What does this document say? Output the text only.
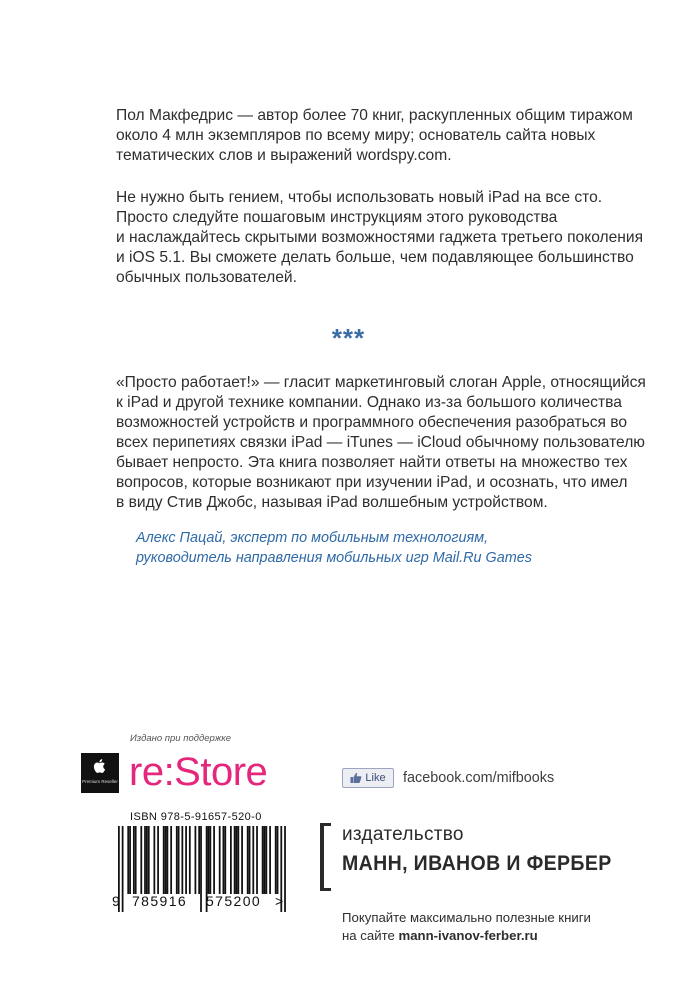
Пол Макфедрис — автор более 70 книг, раскупленных общим тиражом
около 4 млн экземпляров по всему миру; основатель сайта новых
тематических слов и выражений wordspy.com.

Не нужно быть гением, чтобы использовать новый iPad на все сто.
Просто следуйте пошаговым инструкциям этого руководства
и наслаждайтесь скрытыми возможностями гаджета третьего поколения
и iOS 5.1. Вы сможете делать больше, чем подавляющее большинство
обычных пользователей.

***

«Просто работает!» — гласит маркетинговый слоган Apple, относящийся
к iPad и другой технике компании. Однако из-за большого количества
возможностей устройств и программного обеспечения разобраться во
всех перипетиях связки iPad — iTunes — iCloud обычному пользователю
бывает непросто. Эта книга позволяет найти ответы на множество тех
вопросов, которые возникают при изучении iPad, и осознать, что имел
в виду Стив Джобс, называя iPad волшебным устройством.

Алекс Пацай, эксперт по мобильным технологиям,
руководитель направления мобильных игр Mail.Ru Games
Издано при поддержке
Premium Reseller re:Store	Like facebook.com/mifbooks
ISBN 978-5-91657-520-0
9 785916 575200 >
издательство
МАНН, ИВАНОВ И ФЕРБЕР
Покупайте максимально полезные книги
на сайте mann-ivanov-ferber.ru
